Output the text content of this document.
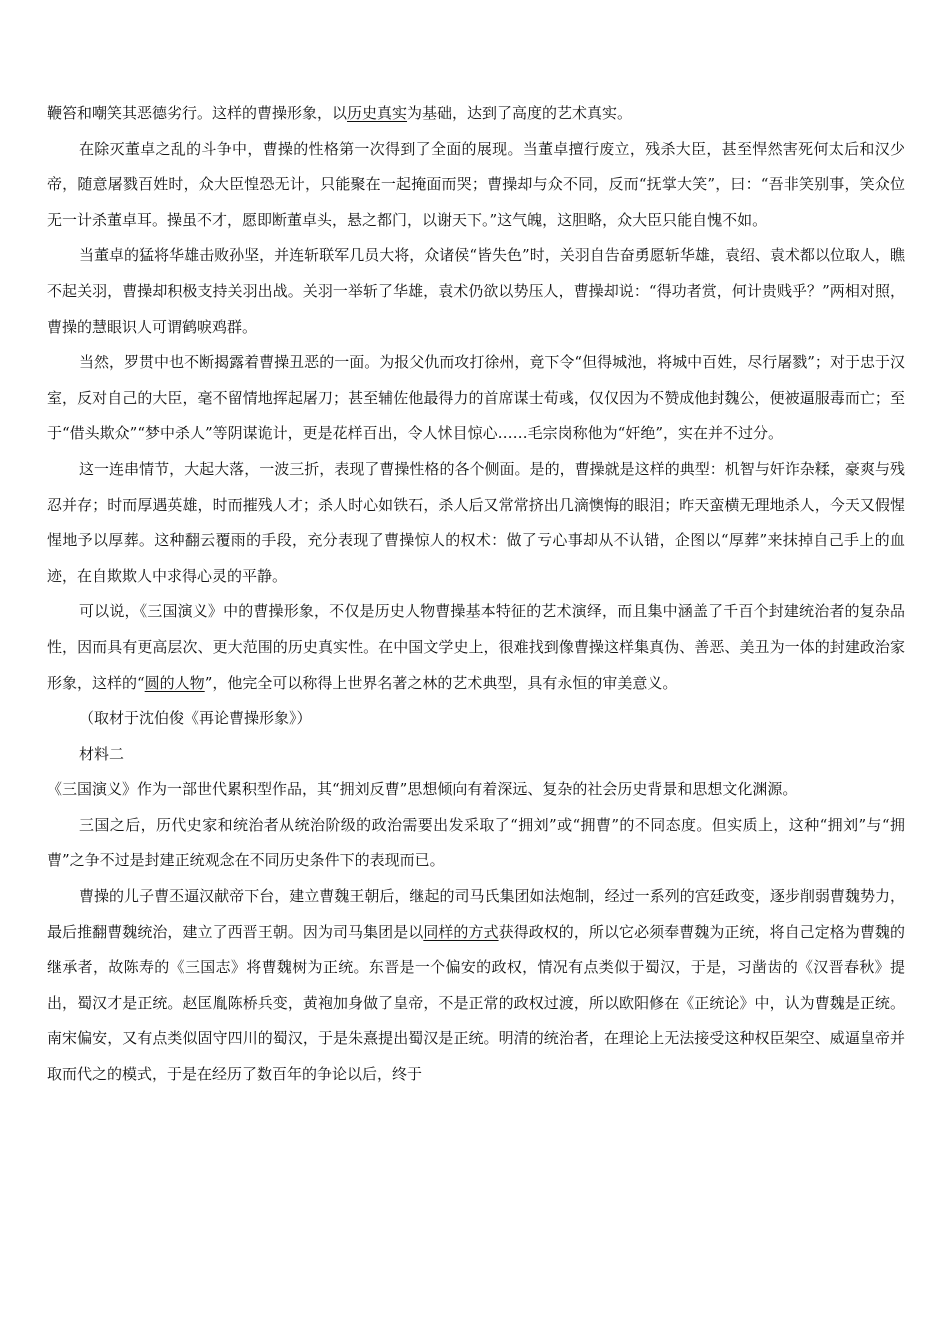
鞭笞和嘲笑其恶德劣行。这样的曹操形象，以历史真实为基础，达到了高度的艺术真实。

在除灭董卓之乱的斗争中，曹操的性格第一次得到了全面的展现。当董卓擅行废立，残杀大臣，甚至悍然害死何太后和汉少帝，随意屠戮百姓时，众大臣惶恐无计，只能聚在一起掩面而哭；曹操却与众不同，反而“抚掌大笑”，曰：“吾非笑别事，笑众位无一计杀董卓耳。操虽不才，愿即断董卓头，悬之都门，以谢天下。”这气魄，这胆略，众大臣只能自愧不如。

当董卓的猛将华雄击败孙坚，并连斩联军几员大将，众诸侯“皆失色”时，关羽自告奋勇愿斩华雄，袁绍、袁术都以位取人，瞧不起关羽，曹操却积极支持关羽出战。关羽一举斩了华雄，袁术仍欲以势压人，曹操却说：“得功者赏，何计贵贱乎？”两相对照，曹操的慧眼识人可谓鹤唳鸡群。

当然，罗贯中也不断揭露着曹操丑恶的一面。为报父仇而攻打徐州，竟下令“但得城池，将城中百姓，尽行屠戮”；对于忠于汉室，反对自己的大臣，毫不留情地挥起屠刀；甚至辅佐他最得力的首席谋士荀彧，仅仅因为不赞成他封魏公，便被逼服毒而亡；至于“借头欺众”“梦中杀人”等阴谋诡计，更是花样百出，令人怵目惊心……毛宗岗称他为“奸绝”，实在并不过分。

这一连串情节，大起大落，一波三折，表现了曹操性格的各个侧面。是的，曹操就是这样的典型：机智与奸诈杂糅，豪爽与残忍并存；时而厚遇英雄，时而摧残人才；杀人时心如铁石，杀人后又常常挤出几滴懊悔的眼泪；昨天蛮横无理地杀人，今天又假惺惺地予以厚葬。这种翻云覆雨的手段，充分表现了曹操惊人的权术：做了亏心事却从不认错，企图以“厚葬”来抹掉自己手上的血迹，在自欺欺人中求得心灵的平静。

可以说，《三国演义》中的曹操形象，不仅是历史人物曹操基本特征的艺术演绎，而且集中涵盖了千百个封建统治者的复杂品性，因而具有更高层次、更大范围的历史真实性。在中国文学史上，很难找到像曹操这样集真伪、善恶、美丑为一体的封建政治家形象，这样的“圆的人物”，他完全可以称得上世界名著之林的艺术典型，具有永恒的审美意义。

（取材于沈伯俊《再论曹操形象》）

材料二

《三国演义》作为一部世代累积型作品，其“拥刘反曹”思想倾向有着深远、复杂的社会历史背景和思想文化渊源。

三国之后，历代史家和统治者从统治阶级的政治需要出发采取了“拥刘”或“拥曹”的不同态度。但实质上，这种“拥刘”与“拥曹”之争不过是封建正统观念在不同历史条件下的表现而已。

曹操的儿子曹丕逼汉献帝下台，建立曹魏王朝后，继起的司马氏集团如法炮制，经过一系列的宫廷政变，逐步削弱曹魏势力，最后推翻曹魏统治，建立了西晋王朝。因为司马集团是以同样的方式获得政权的，所以它必须奉曹魏为正统，将自己定格为曹魏的继承者，故陈寿的《三国志》将曹魏树为正统。东晋是一个偏安的政权，情况有点类似于蜀汉，于是，习凿齿的《汉晋春秋》提出，蜀汉才是正统。赵匡胤陈桥兵变，黄袍加身做了皇帝，不是正常的政权过渡，所以欧阳修在《正统论》中，认为曹魏是正统。南宋偏安，又有点类似固守四川的蜀汉，于是朱熹提出蜀汉是正统。明清的统治者，在理论上无法接受这种权臣架空、威逼皇帝并取而代之的模式，于是在经历了数百年的争论以后，终于
